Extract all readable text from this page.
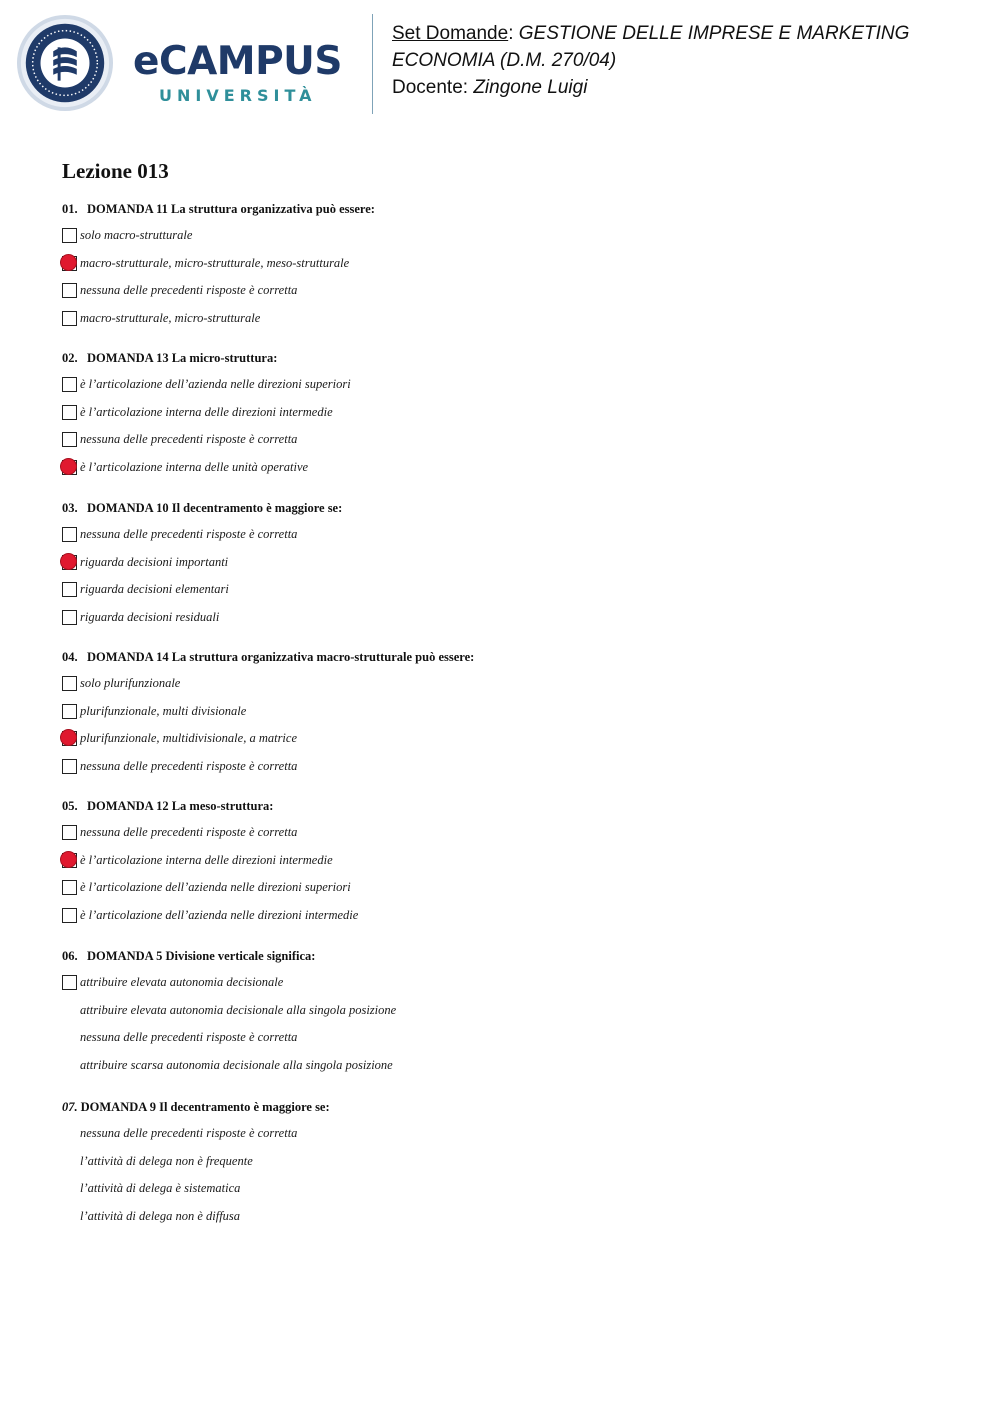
eCAMPUS
UNIVERSITÀ
Set Domande: GESTIONE DELLE IMPRESE E MARKETING ECONOMIA (D.M. 270/04)
Docente: Zingone Luigi
Lezione 013
01. DOMANDA 11 La struttura organizzativa può essere:
solo macro-strutturale
macro-strutturale, micro-strutturale, meso-strutturale
nessuna delle precedenti risposte è corretta
macro-strutturale, micro-strutturale
02. DOMANDA 13 La micro-struttura:
è l’articolazione dell’azienda nelle direzioni superiori
è l’articolazione interna delle direzioni intermedie
nessuna delle precedenti risposte è corretta
è l’articolazione interna delle unità operative
03. DOMANDA 10 Il decentramento è maggiore se:
nessuna delle precedenti risposte è corretta
riguarda decisioni importanti
riguarda decisioni elementari
riguarda decisioni residuali
04. DOMANDA 14 La struttura organizzativa macro-strutturale può essere:
solo plurifunzionale
plurifunzionale, multi divisionale
plurifunzionale, multidivisionale, a matrice
nessuna delle precedenti risposte è corretta
05. DOMANDA 12 La meso-struttura:
nessuna delle precedenti risposte è corretta
è l’articolazione interna delle direzioni intermedie
è l’articolazione dell’azienda nelle direzioni superiori
è l’articolazione dell’azienda nelle direzioni intermedie
06. DOMANDA 5 Divisione verticale significa:
attribuire elevata autonomia decisionale
attribuire elevata autonomia decisionale alla singola posizione
nessuna delle precedenti risposte è corretta
attribuire scarsa autonomia decisionale alla singola posizione
07. DOMANDA 9 Il decentramento è maggiore se:
nessuna delle precedenti risposte è corretta
l’attività di delega non è frequente
l’attività di delega è sistematica
l’attività di delega non è diffusa
